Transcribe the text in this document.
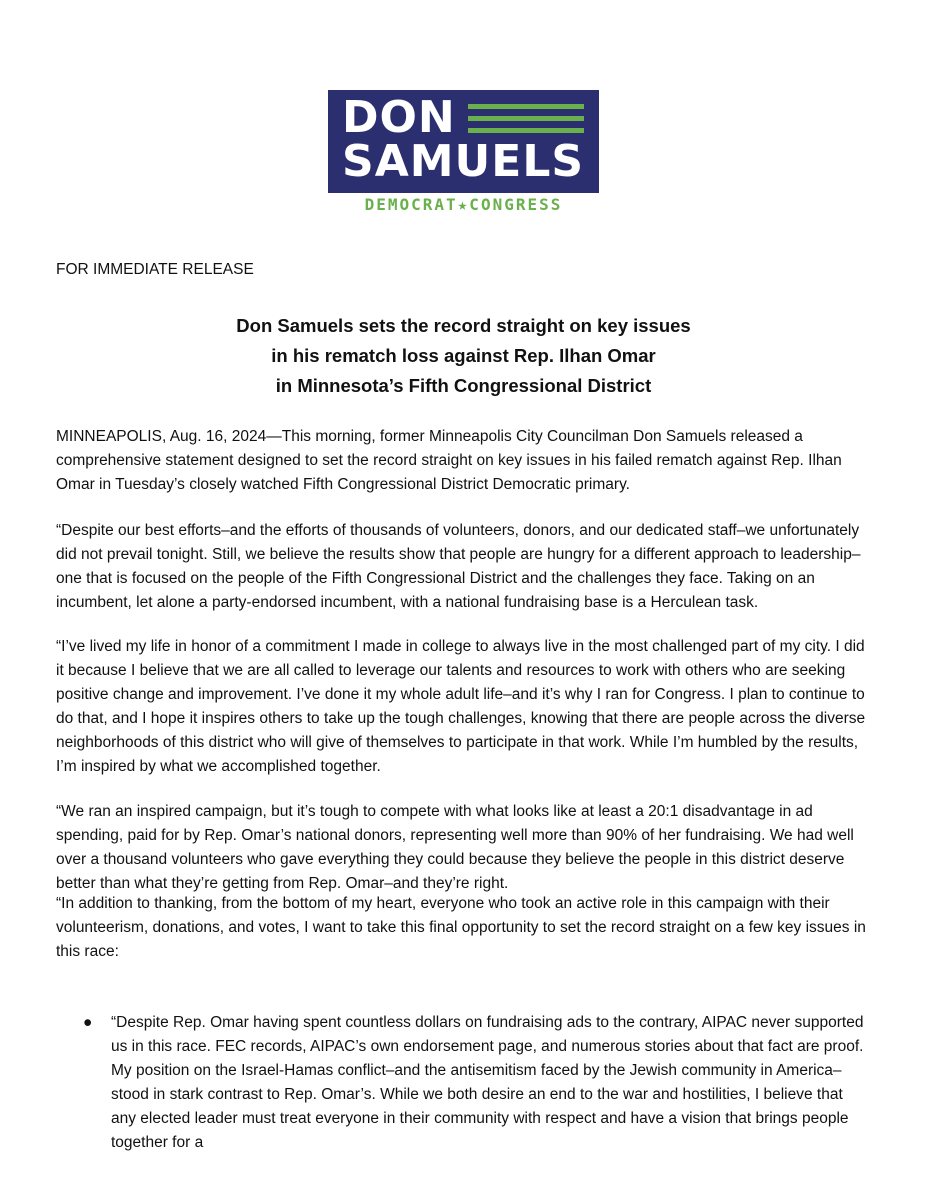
DON
SAMUELS
DEMOCRAT★CONGRESS
FOR IMMEDIATE RELEASE
Don Samuels sets the record straight on key issues
in his rematch loss against Rep. Ilhan Omar
in Minnesota’s Fifth Congressional District

MINNEAPOLIS, Aug. 16, 2024—This morning, former Minneapolis City Councilman Don Samuels released a comprehensive statement designed to set the record straight on key issues in his failed rematch against Rep. Ilhan Omar in Tuesday’s closely watched Fifth Congressional District Democratic primary.

“Despite our best efforts–and the efforts of thousands of volunteers, donors, and our dedicated staff–we unfortunately did not prevail tonight. Still, we believe the results show that people are hungry for a different approach to leadership–one that is focused on the people of the Fifth Congressional District and the challenges they face. Taking on an incumbent, let alone a party-endorsed incumbent, with a national fundraising base is a Herculean task.

“I’ve lived my life in honor of a commitment I made in college to always live in the most challenged part of my city. I did it because I believe that we are all called to leverage our talents and resources to work with others who are seeking positive change and improvement. I’ve done it my whole adult life–and it’s why I ran for Congress. I plan to continue to do that, and I hope it inspires others to take up the tough challenges, knowing that there are people across the diverse neighborhoods of this district who will give of themselves to participate in that work. While I’m humbled by the results, I’m inspired by what we accomplished together.

“We ran an inspired campaign, but it’s tough to compete with what looks like at least a 20:1 disadvantage in ad spending, paid for by Rep. Omar’s national donors, representing well more than 90% of her fundraising. We had well over a thousand volunteers who gave everything they could because they believe the people in this district deserve better than what they’re getting from Rep. Omar–and they’re right.

“In addition to thanking, from the bottom of my heart, everyone who took an active role in this campaign with their volunteerism, donations, and votes, I want to take this final opportunity to set the record straight on a few key issues in this race:

● “Despite Rep. Omar having spent countless dollars on fundraising ads to the contrary, AIPAC never supported us in this race. FEC records, AIPAC’s own endorsement page, and numerous stories about that fact are proof. My position on the Israel-Hamas conflict–and the antisemitism faced by the Jewish community in America–stood in stark contrast to Rep. Omar’s. While we both desire an end to the war and hostilities, I believe that any elected leader must treat everyone in their community with respect and have a vision that brings people together for a
